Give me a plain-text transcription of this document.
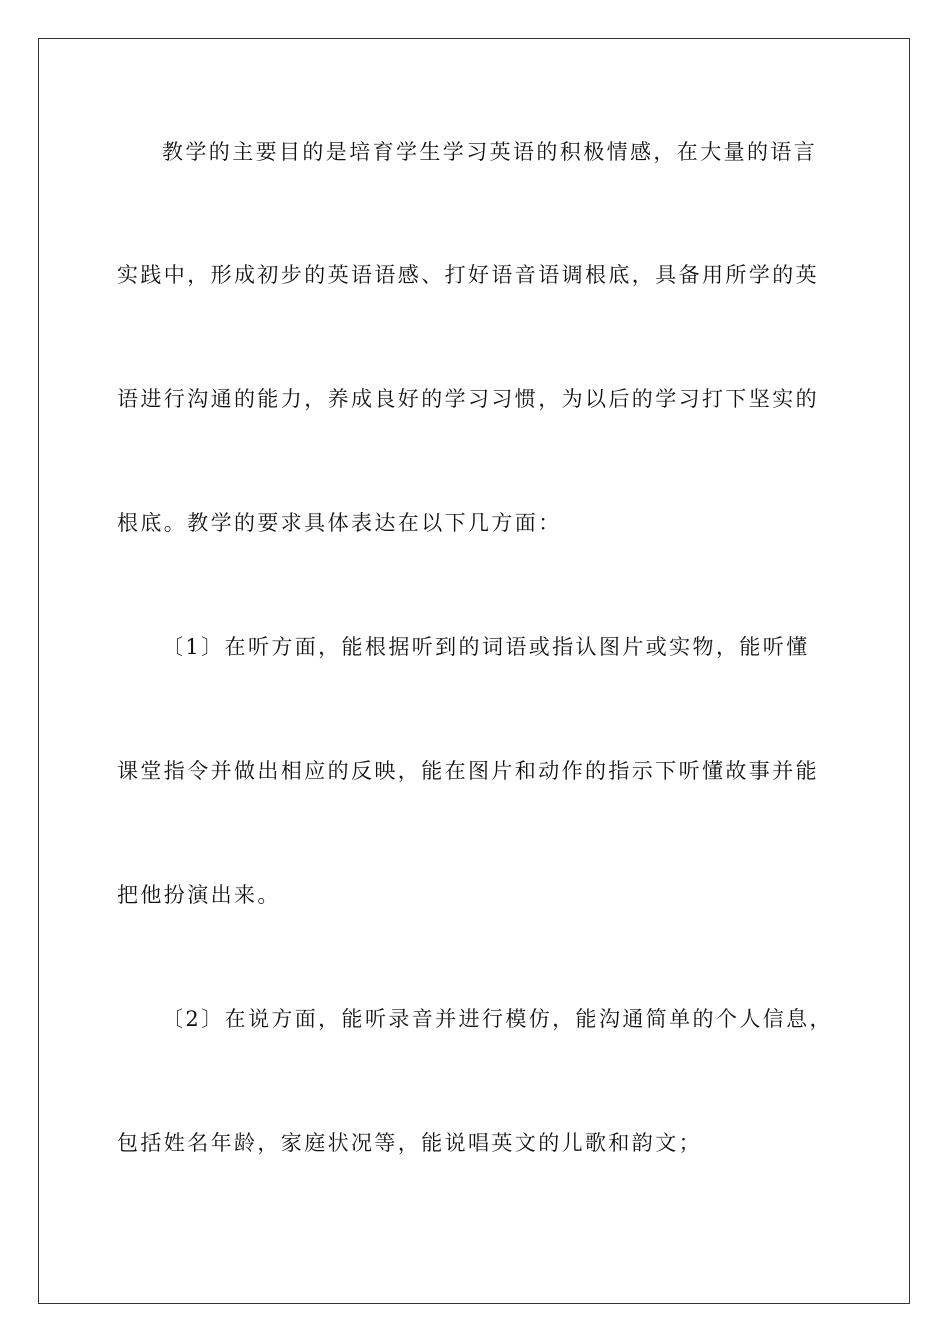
教学的主要目的是培育学生学习英语的积极情感，在大量的语言
实践中，形成初步的英语语感、打好语音语调根底，具备用所学的英
语进行沟通的能力，养成良好的学习习惯，为以后的学习打下坚实的
根底。教学的要求具体表达在以下几方面：
〔1〕在听方面，能根据听到的词语或指认图片或实物，能听懂
课堂指令并做出相应的反映，能在图片和动作的指示下听懂故事并能
把他扮演出来。
〔2〕在说方面，能听录音并进行模仿，能沟通简单的个人信息，
包括姓名年龄，家庭状况等，能说唱英文的儿歌和韵文；
